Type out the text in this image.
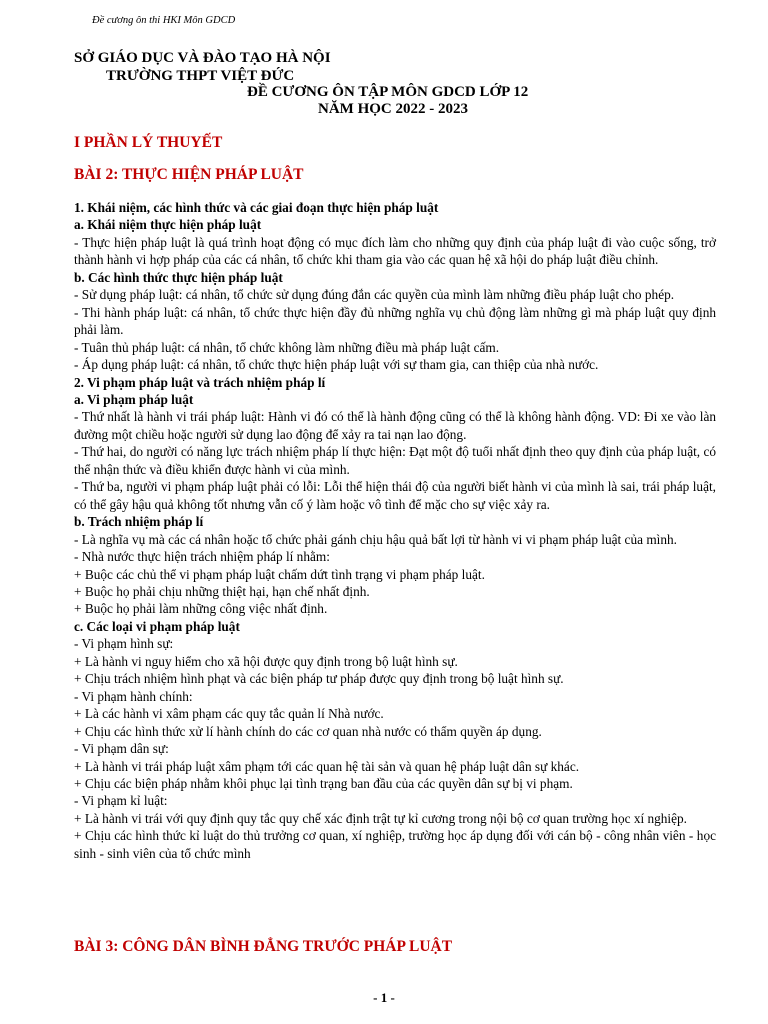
Đề cương ôn thi HKI Môn GDCD
SỞ GIÁO DỤC VÀ ĐÀO TẠO HÀ NỘI
TRƯỜNG THPT VIỆT ĐỨC
ĐỀ CƯƠNG ÔN TẬP MÔN GDCD LỚP 12
NĂM HỌC 2022 - 2023
I PHẦN LÝ THUYẾT
BÀI 2: THỰC HIỆN PHÁP LUẬT

1. Khái niệm, các hình thức và các giai đoạn thực hiện pháp luật

a. Khái niệm thực hiện pháp luật

- Thực hiện pháp luật là quá trình hoạt động có mục đích làm cho những quy định của pháp luật đi vào cuộc sống, trở thành hành vi hợp pháp của các cá nhân, tổ chức khi tham gia vào các quan hệ xã hội do pháp luật điều chỉnh.

b. Các hình thức thực hiện pháp luật

- Sử dụng pháp luật: cá nhân, tổ chức sử dụng đúng đắn các quyền của mình làm những điều pháp luật cho phép.

- Thi hành pháp luật: cá nhân, tổ chức thực hiện đầy đủ những nghĩa vụ chủ động làm những gì mà pháp luật quy định phải làm.

- Tuân thủ pháp luật: cá nhân, tổ chức không làm những điều mà pháp luật cấm.

- Áp dụng pháp luật: cá nhân, tổ chức thực hiện pháp luật với sự tham gia, can thiệp của nhà nước.

2. Vi phạm pháp luật và trách nhiệm pháp lí

a. Vi phạm pháp luật

- Thứ nhất là hành vi trái pháp luật: Hành vi đó có thể là hành động cũng có thể là không hành động. VD: Đi xe vào làn đường một chiều hoặc người sử dụng lao động để xảy ra tai nạn lao động.

- Thứ hai, do người có năng lực trách nhiệm pháp lí thực hiện: Đạt một độ tuổi nhất định theo quy định của pháp luật, có thể nhận thức và điều khiển được hành vi của mình.

- Thứ ba, người vi phạm pháp luật phải có lỗi: Lỗi thể hiện thái độ của người biết hành vi của mình là sai, trái pháp luật, có thể gây hậu quả không tốt nhưng vẫn cố ý làm hoặc vô tình để mặc cho sự việc xảy ra.

b. Trách nhiệm pháp lí

- Là nghĩa vụ mà các cá nhân hoặc tổ chức phải gánh chịu hậu quả bất lợi từ hành vi vi phạm pháp luật của mình.

- Nhà nước thực hiện trách nhiệm pháp lí nhằm:

+ Buộc các chủ thể vi phạm pháp luật chấm dứt tình trạng vi phạm pháp luật.

+ Buộc họ phải chịu những thiệt hại, hạn chế nhất định.

+ Buộc họ phải làm những công việc nhất định.

c. Các loại vi phạm pháp luật

- Vi phạm hình sự:

+ Là hành vi nguy hiểm cho xã hội được quy định trong bộ luật hình sự.

+ Chịu trách nhiệm hình phạt và các biện pháp tư pháp được quy định trong bộ luật hình sự.

- Vi phạm hành chính:

+ Là các hành vi xâm phạm các quy tắc quản lí Nhà nước.

+ Chịu các hình thức xử lí hành chính do các cơ quan nhà nước có thẩm quyền áp dụng.

- Vi phạm dân sự:

+ Là hành vi trái pháp luật xâm phạm tới các quan hệ tài sản và quan hệ pháp luật dân sự khác.

+ Chịu các biện pháp nhằm khôi phục lại tình trạng ban đầu của các quyền dân sự bị vi phạm.

- Vi phạm kỉ luật:

+ Là hành vi trái với quy định quy tắc quy chế xác định trật tự kỉ cương trong nội bộ cơ quan trường học xí nghiệp.

+ Chịu các hình thức kỉ luật do thủ trưởng cơ quan, xí nghiệp, trường học áp dụng đối với cán bộ - công nhân viên - học sinh - sinh viên của tổ chức mình

BÀI 3: CÔNG DÂN BÌNH ĐẲNG TRƯỚC PHÁP LUẬT
- 1 -
